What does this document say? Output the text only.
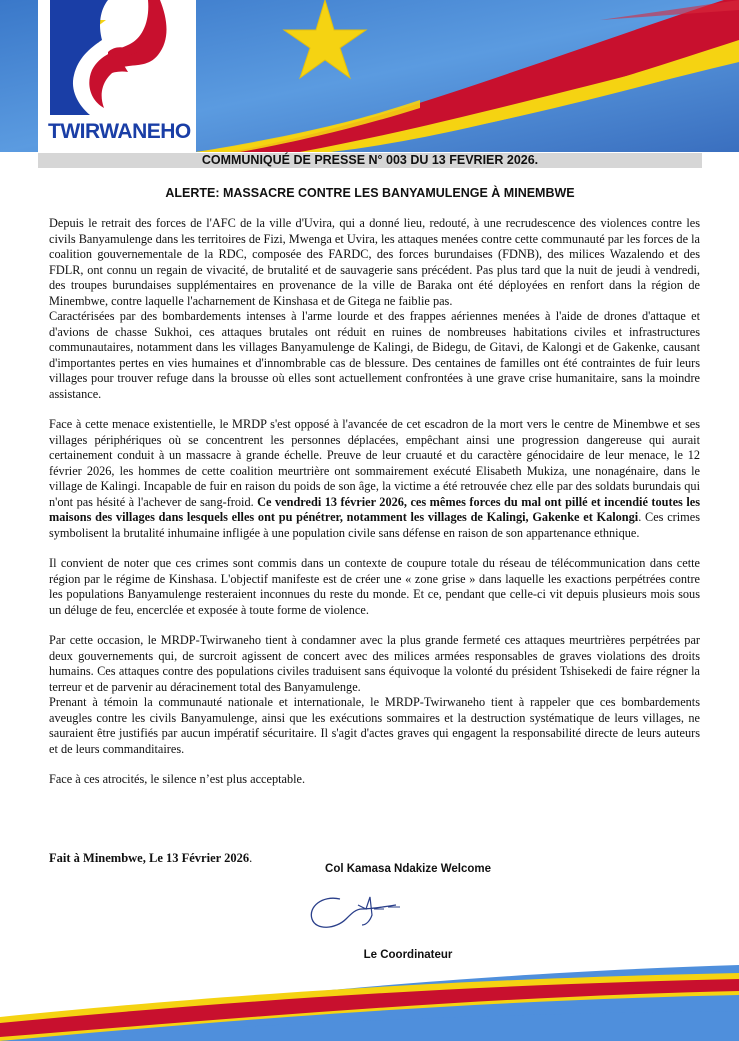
TWIRWANEHO
COMMUNIQUÉ DE PRESSE N° 003 DU 13 FEVRIER 2026.
ALERTE: MASSACRE CONTRE LES BANYAMULENGE À MINEMBWE

Depuis le retrait des forces de l'AFC de la ville d'Uvira, qui a donné lieu, redouté, à une recrudescence des violences contre les civils Banyamulenge dans les territoires de Fizi, Mwenga et Uvira, les attaques menées contre cette communauté par les forces de la coalition gouvernementale de la RDC, composée des FARDC, des forces burundaises (FDNB), des milices Wazalendo et des FDLR, ont connu un regain de vivacité, de brutalité et de sauvagerie sans précédent. Pas plus tard que la nuit de jeudi à vendredi, des troupes burundaises supplémentaires en provenance de la ville de Baraka ont été déployées en renfort dans la région de Minembwe, contre laquelle l'acharnement de Kinshasa et de Gitega ne faiblie pas.

Caractérisées par des bombardements intenses à l'arme lourde et des frappes aériennes menées à l'aide de drones d'attaque et d'avions de chasse Sukhoi, ces attaques brutales ont réduit en ruines de nombreuses habitations civiles et infrastructures communautaires, notamment dans les villages Banyamulenge de Kalingi, de Bidegu, de Gitavi, de Kalongi et de Gakenke, causant d'importantes pertes en vies humaines et d'innombrable cas de blessure. Des centaines de familles ont été contraintes de fuir leurs villages pour trouver refuge dans la brousse où elles sont actuellement confrontées à une grave crise humanitaire, sans la moindre assistance.

Face à cette menace existentielle, le MRDP s'est opposé à l'avancée de cet escadron de la mort vers le centre de Minembwe et ses villages périphériques où se concentrent les personnes déplacées, empêchant ainsi une progression dangereuse qui aurait certainement conduit à un massacre à grande échelle. Preuve de leur cruauté et du caractère génocidaire de leur menace, le 12 février 2026, les hommes de cette coalition meurtrière ont sommairement exécuté Elisabeth Mukiza, une nonagénaire, dans le village de Kalingi. Incapable de fuir en raison du poids de son âge, la victime a été retrouvée chez elle par des soldats burundais qui n'ont pas hésité à l'achever de sang-froid. Ce vendredi 13 février 2026, ces mêmes forces du mal ont pillé et incendié toutes les maisons des villages dans lesquels elles ont pu pénétrer, notamment les villages de Kalingi, Gakenke et Kalongi. Ces crimes symbolisent la brutalité inhumaine infligée à une population civile sans défense en raison de son appartenance ethnique.

Il convient de noter que ces crimes sont commis dans un contexte de coupure totale du réseau de télécommunication dans cette région par le régime de Kinshasa. L'objectif manifeste est de créer une « zone grise » dans laquelle les exactions perpétrées contre les populations Banyamulenge resteraient inconnues du reste du monde. Et ce, pendant que celle-ci vit depuis plusieurs mois sous un déluge de feu, encerclée et exposée à toute forme de violence.

Par cette occasion, le MRDP-Twirwaneho tient à condamner avec la plus grande fermeté ces attaques meurtrières perpétrées par deux gouvernements qui, de surcroit agissent de concert avec des milices armées responsables de graves violations des droits humains. Ces attaques contre des populations civiles traduisent sans équivoque la volonté du président Tshisekedi de faire régner la terreur et de parvenir au déracinement total des Banyamulenge.

Prenant à témoin la communauté nationale et internationale, le MRDP-Twirwaneho tient à rappeler que ces bombardements aveugles contre les civils Banyamulenge, ainsi que les exécutions sommaires et la destruction systématique de leurs villages, ne sauraient être justifiés par aucun impératif sécuritaire. Il s'agit d'actes graves qui engagent la responsabilité directe de leurs auteurs et de leurs commanditaires.

Face à ces atrocités, le silence n’est plus acceptable.

Fait à Minembwe, Le 13 Février 2026.
Col Kamasa Ndakize Welcome
Le Coordinateur
